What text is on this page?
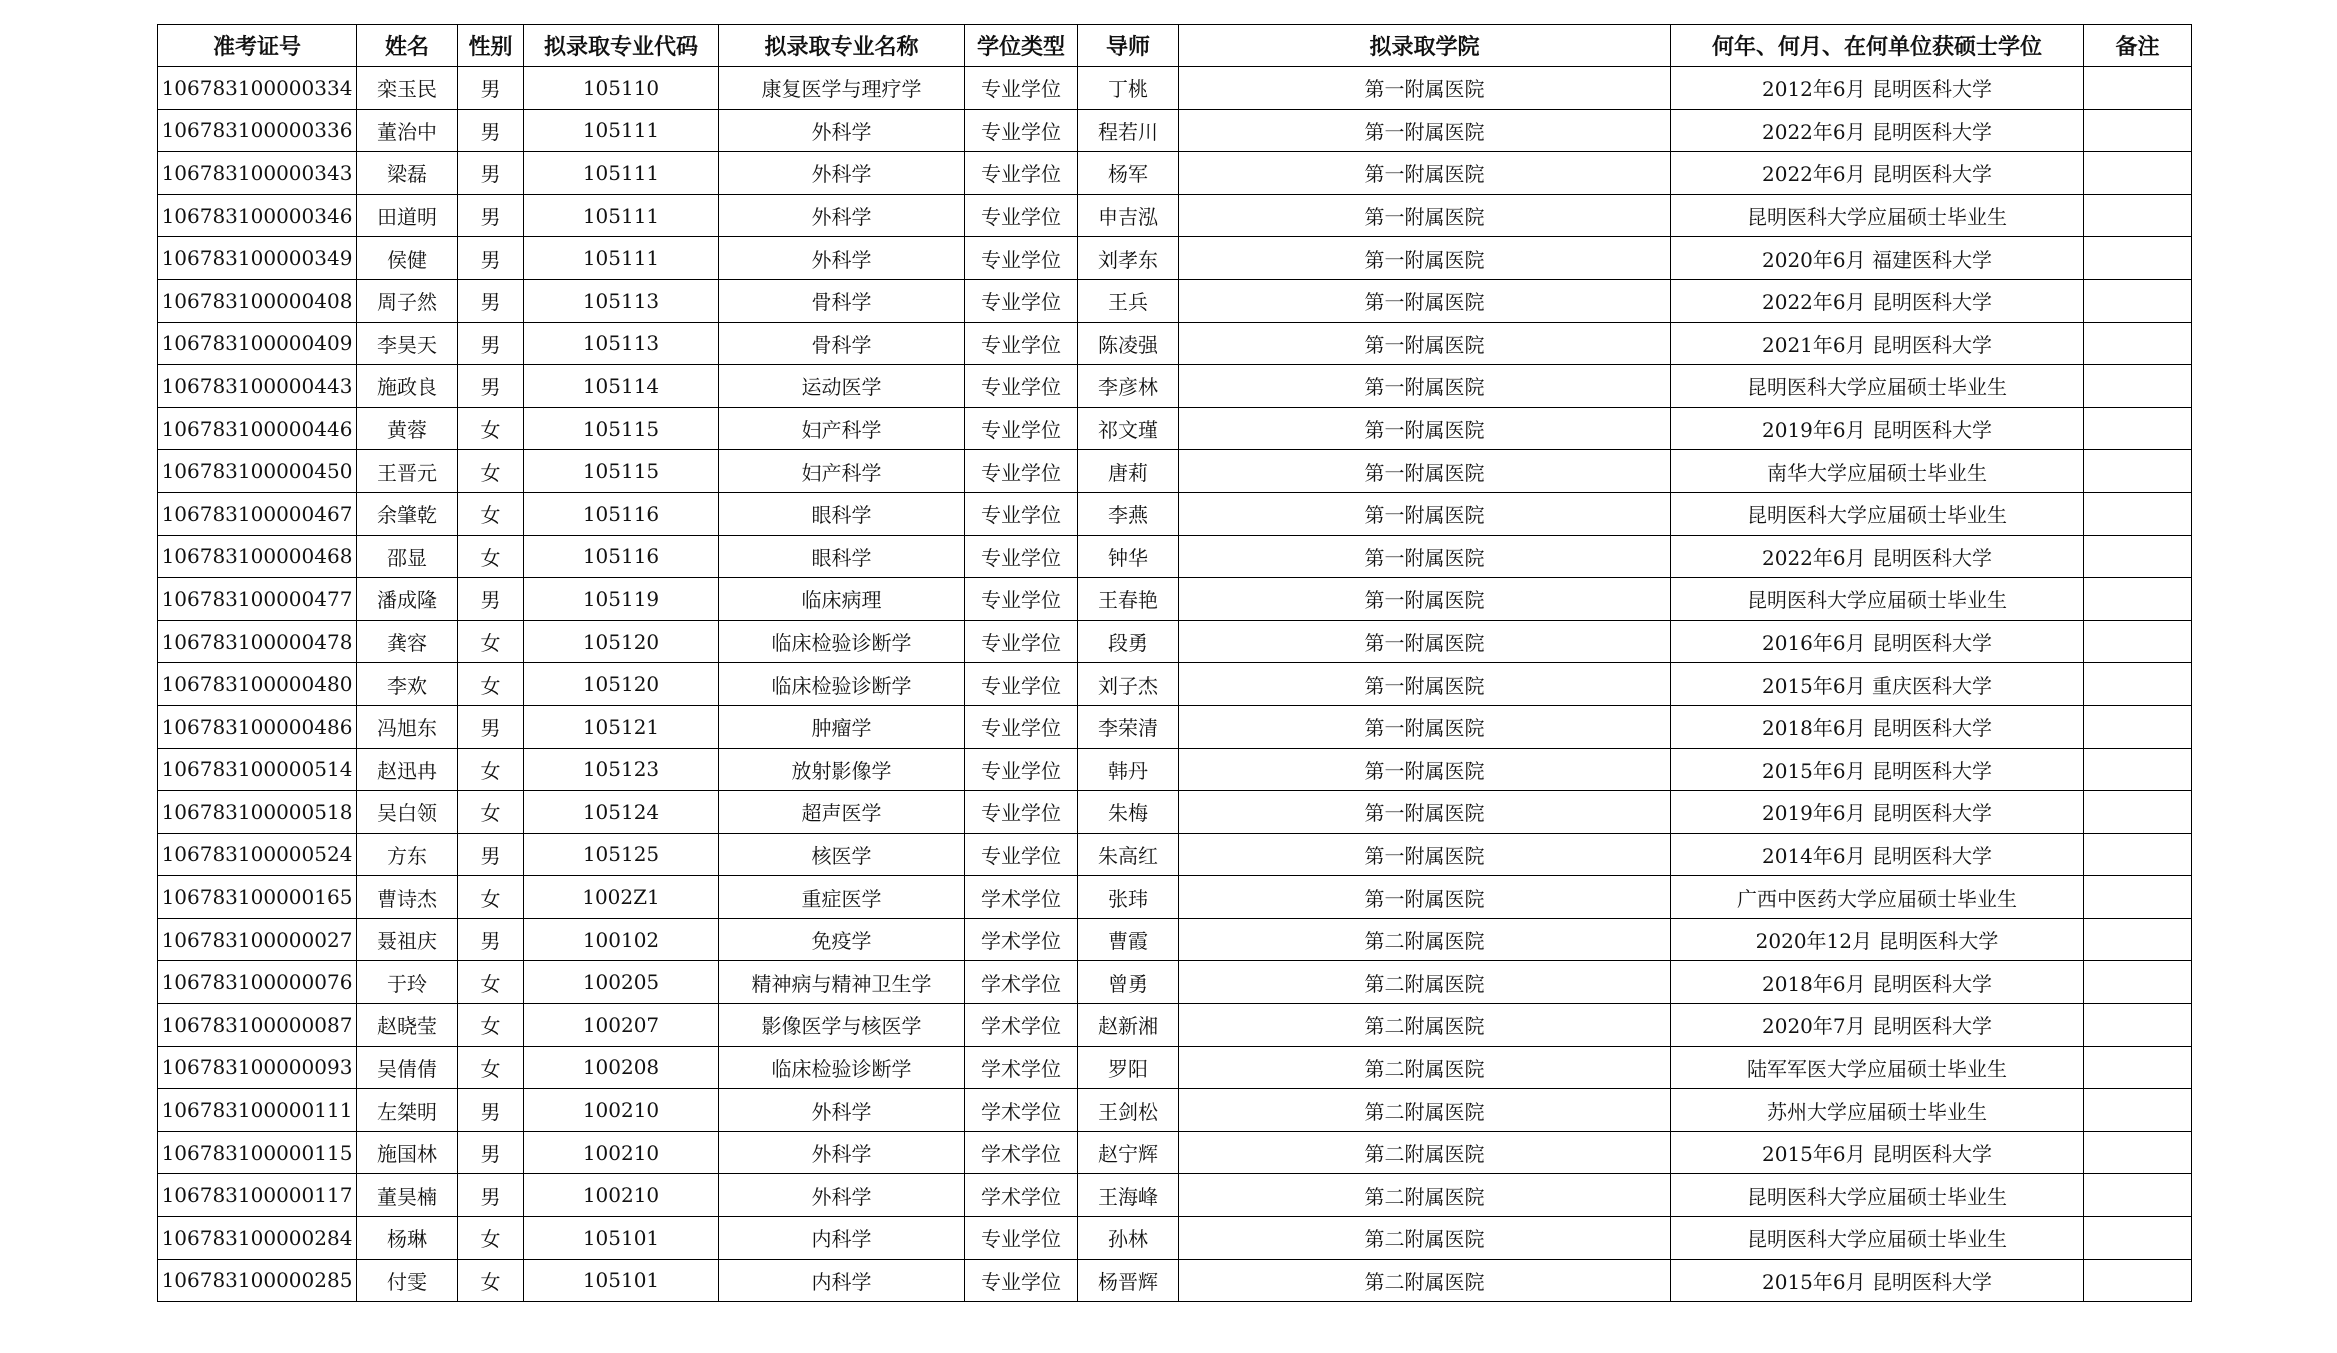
准考证号	姓名	性别	拟录取专业代码	拟录取专业名称	学位类型	导师	拟录取学院	何年、何月、在何单位获硕士学位	备注
106783100000334	栾玉民	男	105110	康复医学与理疗学	专业学位	丁桃	第一附属医院	2012年6月 昆明医科大学	
106783100000336	董治中	男	105111	外科学	专业学位	程若川	第一附属医院	2022年6月 昆明医科大学	
106783100000343	梁磊	男	105111	外科学	专业学位	杨军	第一附属医院	2022年6月 昆明医科大学	
106783100000346	田道明	男	105111	外科学	专业学位	申吉泓	第一附属医院	昆明医科大学应届硕士毕业生	
106783100000349	侯健	男	105111	外科学	专业学位	刘孝东	第一附属医院	2020年6月 福建医科大学	
106783100000408	周子然	男	105113	骨科学	专业学位	王兵	第一附属医院	2022年6月 昆明医科大学	
106783100000409	李昊天	男	105113	骨科学	专业学位	陈凌强	第一附属医院	2021年6月 昆明医科大学	
106783100000443	施政良	男	105114	运动医学	专业学位	李彦林	第一附属医院	昆明医科大学应届硕士毕业生	
106783100000446	黄蓉	女	105115	妇产科学	专业学位	祁文瑾	第一附属医院	2019年6月 昆明医科大学	
106783100000450	王晋元	女	105115	妇产科学	专业学位	唐莉	第一附属医院	南华大学应届硕士毕业生	
106783100000467	余肇乾	女	105116	眼科学	专业学位	李燕	第一附属医院	昆明医科大学应届硕士毕业生	
106783100000468	邵显	女	105116	眼科学	专业学位	钟华	第一附属医院	2022年6月 昆明医科大学	
106783100000477	潘成隆	男	105119	临床病理	专业学位	王春艳	第一附属医院	昆明医科大学应届硕士毕业生	
106783100000478	龚容	女	105120	临床检验诊断学	专业学位	段勇	第一附属医院	2016年6月 昆明医科大学	
106783100000480	李欢	女	105120	临床检验诊断学	专业学位	刘子杰	第一附属医院	2015年6月 重庆医科大学	
106783100000486	冯旭东	男	105121	肿瘤学	专业学位	李荣清	第一附属医院	2018年6月 昆明医科大学	
106783100000514	赵迅冉	女	105123	放射影像学	专业学位	韩丹	第一附属医院	2015年6月 昆明医科大学	
106783100000518	吴白领	女	105124	超声医学	专业学位	朱梅	第一附属医院	2019年6月 昆明医科大学	
106783100000524	方东	男	105125	核医学	专业学位	朱高红	第一附属医院	2014年6月 昆明医科大学	
106783100000165	曹诗杰	女	1002Z1	重症医学	学术学位	张玮	第一附属医院	广西中医药大学应届硕士毕业生	
106783100000027	聂祖庆	男	100102	免疫学	学术学位	曹霞	第二附属医院	2020年12月 昆明医科大学	
106783100000076	于玲	女	100205	精神病与精神卫生学	学术学位	曾勇	第二附属医院	2018年6月 昆明医科大学	
106783100000087	赵晓莹	女	100207	影像医学与核医学	学术学位	赵新湘	第二附属医院	2020年7月 昆明医科大学	
106783100000093	吴倩倩	女	100208	临床检验诊断学	学术学位	罗阳	第二附属医院	陆军军医大学应届硕士毕业生	
106783100000111	左桀明	男	100210	外科学	学术学位	王剑松	第二附属医院	苏州大学应届硕士毕业生	
106783100000115	施国林	男	100210	外科学	学术学位	赵宁辉	第二附属医院	2015年6月 昆明医科大学	
106783100000117	董昊楠	男	100210	外科学	学术学位	王海峰	第二附属医院	昆明医科大学应届硕士毕业生	
106783100000284	杨琳	女	105101	内科学	专业学位	孙林	第二附属医院	昆明医科大学应届硕士毕业生	
106783100000285	付雯	女	105101	内科学	专业学位	杨晋辉	第二附属医院	2015年6月 昆明医科大学	
